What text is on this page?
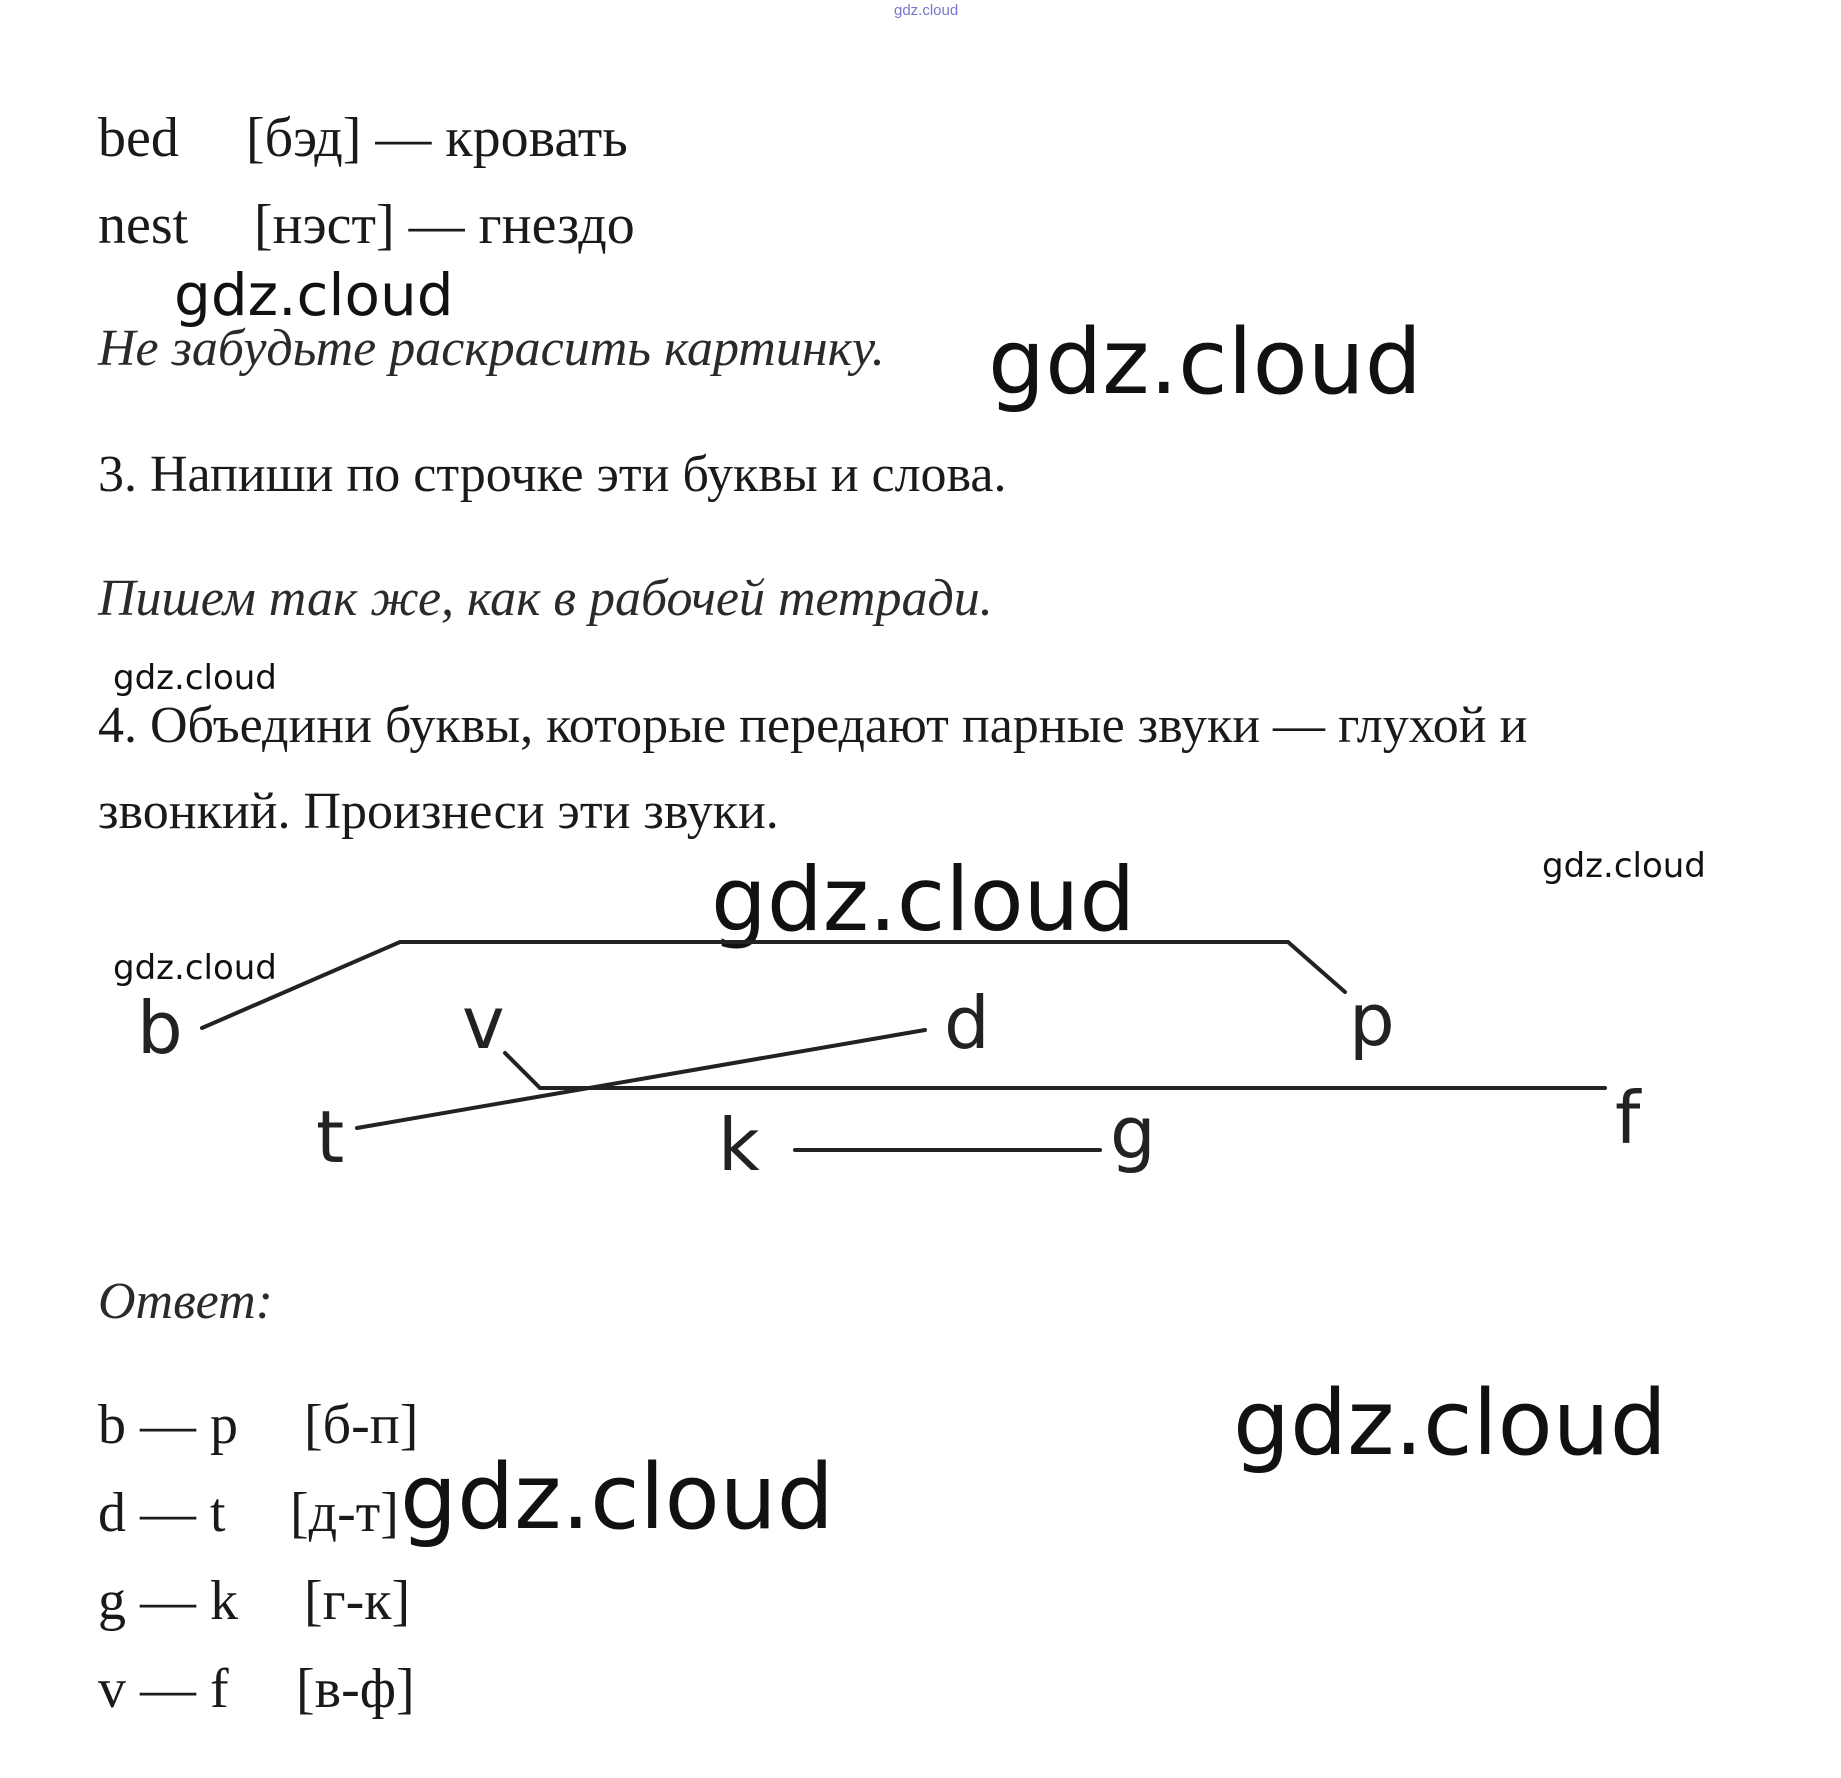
gdz.cloud
bed [бэд] — кровать
nest [нэст] — гнездо
gdz.cloud
Не забудьте раскрасить картинку. gdz.cloud
3. Напиши по строчке эти буквы и слова.
Пишем так же, как в рабочей тетради.
gdz.cloud
4. Объедини буквы, которые передают парные звуки — глухой и
звонкий. Произнеси эти звуки.
gdz.cloud	gdz.cloud
gdz.cloud
b	v	d	p
t	k	g	f
Ответ:
gdz.cloud
b — p [б-п]
d — t [д-т] gdz.cloud
g — k [г-к]
v — f [в-ф]
